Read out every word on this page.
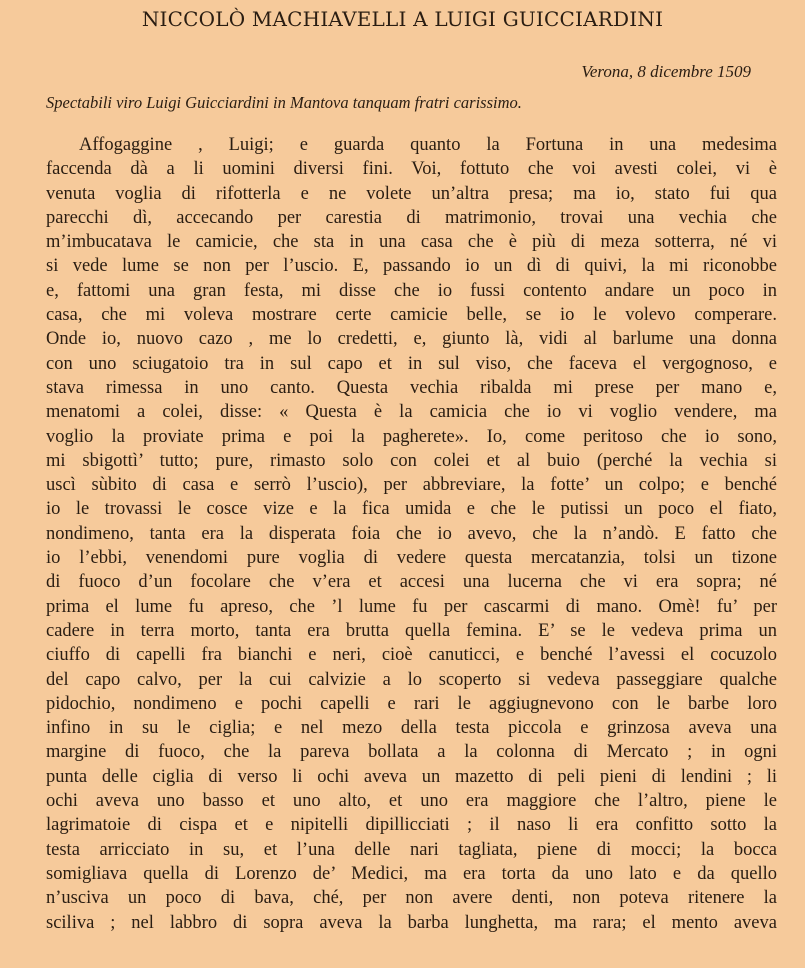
NICCOLÒ MACHIAVELLI A LUIGI GUICCIARDINI
Verona, 8 dicembre 1509
Spectabili viro Luigi Guicciardini in Mantova tanquam fratri carissimo.
Affogaggine , Luigi; e guarda quanto la Fortuna in una medesima
faccenda dà a li uomini diversi fini. Voi, fottuto che voi avesti colei, vi è
venuta voglia di rifotterla e ne volete un’altra presa; ma io, stato fui qua
parecchi dì, accecando per carestia di matrimonio, trovai una vechia che
m’imbucatava le camicie, che sta in una casa che è più di meza sotterra, né vi
si vede lume se non per l’uscio. E, passando io un dì di quivi, la mi riconobbe
e, fattomi una gran festa, mi disse che io fussi contento andare un poco in
casa, che mi voleva mostrare certe camicie belle, se io le volevo comperare.
Onde io, nuovo cazo , me lo credetti, e, giunto là, vidi al barlume una donna
con uno sciugatoio tra in sul capo et in sul viso, che faceva el vergognoso, e
stava rimessa in uno canto. Questa vechia ribalda mi prese per mano e,
menatomi a colei, disse: « Questa è la camicia che io vi voglio vendere, ma
voglio la proviate prima e poi la pagherete». Io, come peritoso che io sono,
mi sbigottì’ tutto; pure, rimasto solo con colei et al buio (perché la vechia si
uscì sùbito di casa e serrò l’uscio), per abbreviare, la fotte’ un colpo; e benché
io le trovassi le cosce vize e la fica umida e che le putissi un poco el fiato,
nondimeno, tanta era la disperata foia che io avevo, che la n’andò. E fatto che
io l’ebbi, venendomi pure voglia di vedere questa mercatanzia, tolsi un tizone
di fuoco d’un focolare che v’era et accesi una lucerna che vi era sopra; né
prima el lume fu apreso, che ’l lume fu per cascarmi di mano. Omè! fu’ per
cadere in terra morto, tanta era brutta quella femina. E’ se le vedeva prima un
ciuffo di capelli fra bianchi e neri, cioè canuticci, e benché l’avessi el cocuzolo
del capo calvo, per la cui calvizie a lo scoperto si vedeva passeggiare qualche
pidochio, nondimeno e pochi capelli e rari le aggiugnevono con le barbe loro
infino in su le ciglia; e nel mezo della testa piccola e grinzosa aveva una
margine di fuoco, che la pareva bollata a la colonna di Mercato ; in ogni
punta delle ciglia di verso li ochi aveva un mazetto di peli pieni di lendini ; li
ochi aveva uno basso et uno alto, et uno era maggiore che l’altro, piene le
lagrimatoie di cispa et e nipitelli dipillicciati ; il naso li era confitto sotto la
testa arricciato in su, et l’una delle nari tagliata, piene di mocci; la bocca
somigliava quella di Lorenzo de’ Medici, ma era torta da uno lato e da quello
n’usciva un poco di bava, ché, per non avere denti, non poteva ritenere la
sciliva ; nel labbro di sopra aveva la barba lunghetta, ma rara; el mento aveva
